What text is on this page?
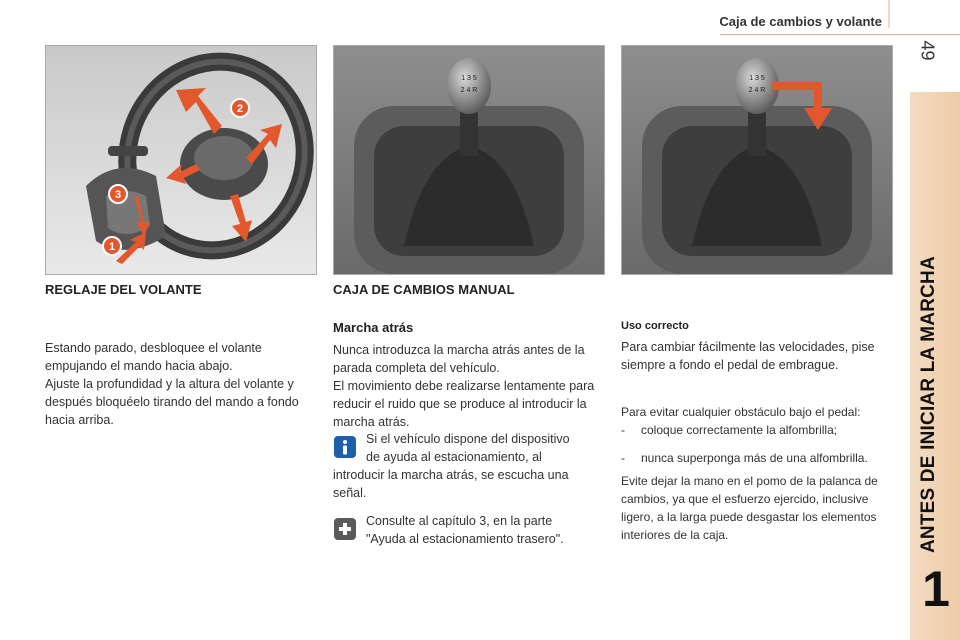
Caja de cambios y volante
49
ANTES DE INICIAR LA MARCHA
1
2
3
1
1 3 5
2 4 R
1 3 5
2 4 R
REGLAJE DEL VOLANTE

Estando parado, desbloquee el volante empujando el mando hacia abajo.

Ajuste la profundidad y la altura del volante y después bloquéelo tirando del mando a fondo hacia arriba.

CAJA DE CAMBIOS MANUAL
Marcha atrás

Nunca introduzca la marcha atrás antes de la parada completa del vehículo.

El movimiento debe realizarse lentamente para reducir el ruido que se produce al introducir la marcha atrás.

Si el vehículo dispone del dispositivo
de ayuda al estacionamiento, al
introducir la marcha atrás, se escucha una señal.
Consulte al capítulo 3, en la parte
"Ayuda al estacionamiento trasero".
Uso correcto
Para cambiar fácilmente las velocidades, pise siempre a fondo el pedal de embrague.
Para evitar cualquier obstáculo bajo el pedal:
-	coloque correctamente la alfombrilla;
-	nunca superponga más de una alfombrilla.
Evite dejar la mano en el pomo de la palanca de cambios, ya que el esfuerzo ejercido, inclusive ligero, a la larga puede desgastar los elementos interiores de la caja.
